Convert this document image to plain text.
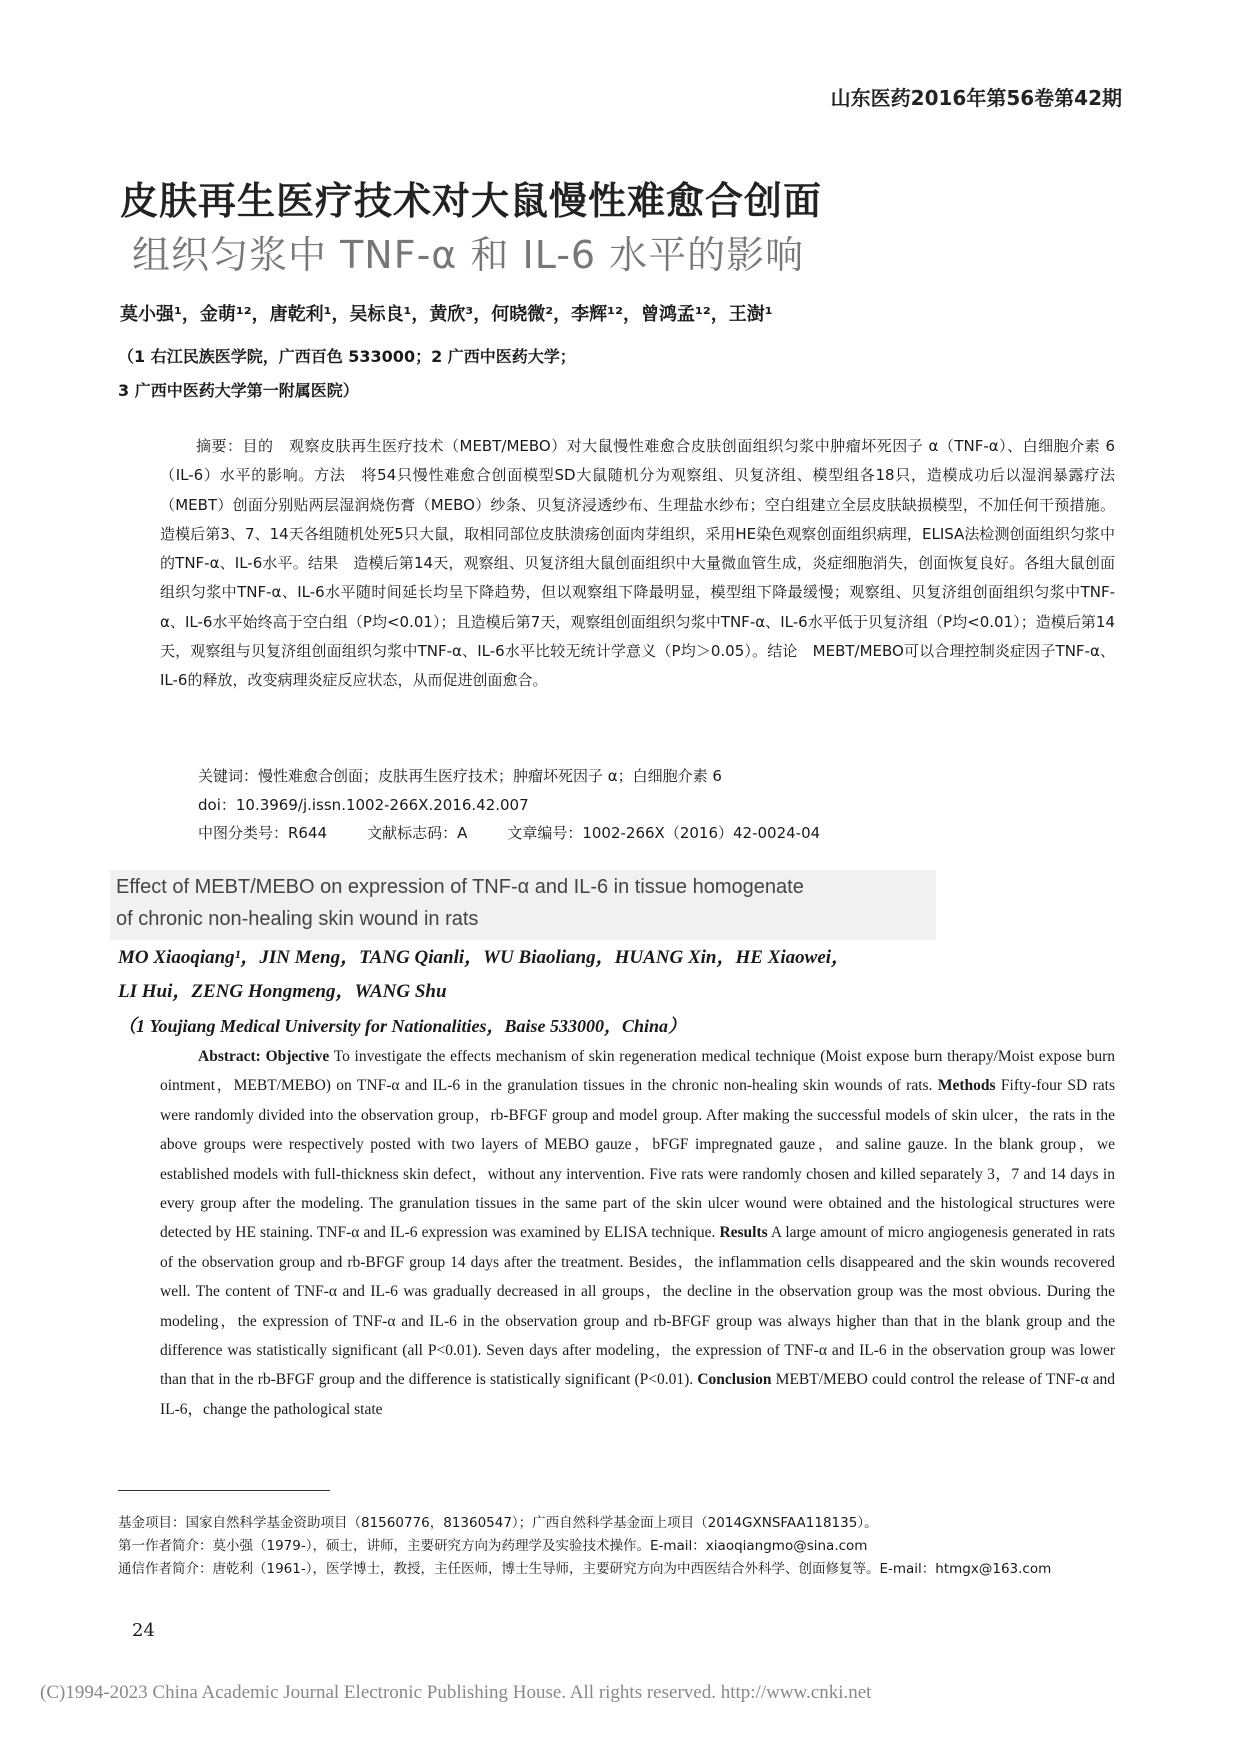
山东医药2016年第56卷第42期
皮肤再生医疗技术对大鼠慢性难愈合创面
组织匀浆中 TNF-α 和 IL-6 水平的影响
莫小强¹，金萌¹²，唐乾利¹，吴标良¹，黄欣³，何晓微²，李辉¹²，曾鸿孟¹²，王澍¹
（1 右江民族医学院，广西百色 533000；2 广西中医药大学；
3 广西中医药大学第一附属医院）
摘要：目的　观察皮肤再生医疗技术（MEBT/MEBO）对大鼠慢性难愈合皮肤创面组织匀浆中肿瘤坏死因子 α（TNF-α）、白细胞介素 6（IL-6）水平的影响。方法　将54只慢性难愈合创面模型SD大鼠随机分为观察组、贝复济组、模型组各18只，造模成功后以湿润暴露疗法（MEBT）创面分别贴两层湿润烧伤膏（MEBO）纱条、贝复济浸透纱布、生理盐水纱布；空白组建立全层皮肤缺损模型，不加任何干预措施。造模后第3、7、14天各组随机处死5只大鼠，取相同部位皮肤溃疡创面肉芽组织，采用HE染色观察创面组织病理，ELISA法检测创面组织匀浆中的TNF-α、IL-6水平。结果　造模后第14天，观察组、贝复济组大鼠创面组织中大量微血管生成，炎症细胞消失，创面恢复良好。各组大鼠创面组织匀浆中TNF-α、IL-6水平随时间延长均呈下降趋势，但以观察组下降最明显，模型组下降最缓慢；观察组、贝复济组创面组织匀浆中TNF-α、IL-6水平始终高于空白组（P均<0.01）；且造模后第7天，观察组创面组织匀浆中TNF-α、IL-6水平低于贝复济组（P均<0.01）；造模后第14天，观察组与贝复济组创面组织匀浆中TNF-α、IL-6水平比较无统计学意义（P均＞0.05）。结论　MEBT/MEBO可以合理控制炎症因子TNF-α、IL-6的释放，改变病理炎症反应状态，从而促进创面愈合。
关键词：慢性难愈合创面；皮肤再生医疗技术；肿瘤坏死因子 α；白细胞介素 6
doi：10.3969/j.issn.1002-266X.2016.42.007
中图分类号：R644	文献标志码：A	文章编号：1002-266X（2016）42-0024-04
Effect of MEBT/MEBO on expression of TNF-α and IL-6 in tissue homogenate
of chronic non-healing skin wound in rats
MO Xiaoqiang¹，JIN Meng，TANG Qianli，WU Biaoliang，HUANG Xin，HE Xiaowei，
LI Hui，ZENG Hongmeng，WANG Shu
（1 Youjiang Medical University for Nationalities，Baise 533000，China）
Abstract: Objective To investigate the effects mechanism of skin regeneration medical technique (Moist expose burn therapy/Moist expose burn ointment，MEBT/MEBO) on TNF-α and IL-6 in the granulation tissues in the chronic non-healing skin wounds of rats. Methods Fifty-four SD rats were randomly divided into the observation group，rb-BFGF group and model group. After making the successful models of skin ulcer，the rats in the above groups were respectively posted with two layers of MEBO gauze，bFGF impregnated gauze，and saline gauze. In the blank group，we established models with full-thickness skin defect，without any intervention. Five rats were randomly chosen and killed separately 3，7 and 14 days in every group after the modeling. The granulation tissues in the same part of the skin ulcer wound were obtained and the histological structures were detected by HE staining. TNF-α and IL-6 expression was examined by ELISA technique. Results A large amount of micro angiogenesis generated in rats of the observation group and rb-BFGF group 14 days after the treatment. Besides，the inflammation cells disappeared and the skin wounds recovered well. The content of TNF-α and IL-6 was gradually decreased in all groups，the decline in the observation group was the most obvious. During the modeling，the expression of TNF-α and IL-6 in the observation group and rb-BFGF group was always higher than that in the blank group and the difference was statistically significant (all P<0.01). Seven days after modeling，the expression of TNF-α and IL-6 in the observation group was lower than that in the rb-BFGF group and the difference is statistically significant (P<0.01). Conclusion MEBT/MEBO could control the release of TNF-α and IL-6，change the pathological state
基金项目：国家自然科学基金资助项目（81560776，81360547）；广西自然科学基金面上项目（2014GXNSFAA118135）。
第一作者简介：莫小强（1979-），硕士，讲师，主要研究方向为药理学及实验技术操作。E-mail：xiaoqiangmo@sina.com
通信作者简介：唐乾利（1961-），医学博士，教授，主任医师，博士生导师，主要研究方向为中西医结合外科学、创面修复等。E-mail：htmgx@163.com
24
(C)1994-2023 China Academic Journal Electronic Publishing House. All rights reserved. http://www.cnki.net
